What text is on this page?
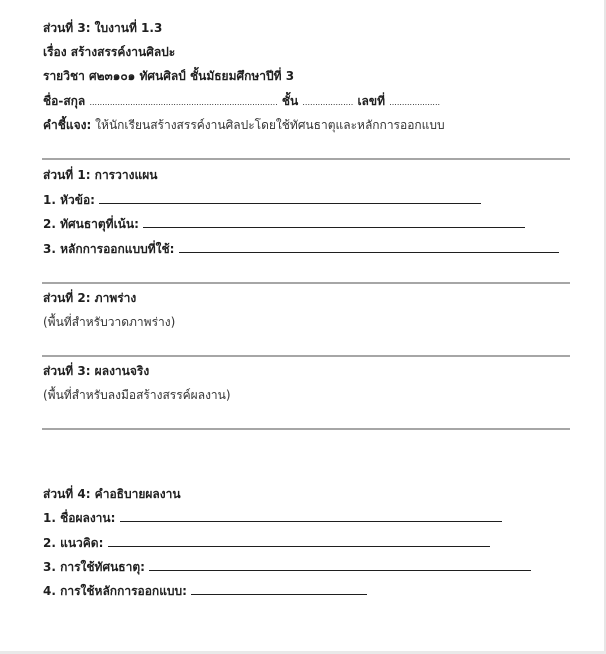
ส่วนที่ 3: ใบงานที่ 1.3
เรื่อง สร้างสรรค์งานศิลปะ
รายวิชา ศ๒๓๑๐๑ ทัศนศิลป์ ชั้นมัธยมศึกษาปีที่ 3
ชื่อ-สกุล .......................................................................... ชั้น .................... เลขที่ ....................
คำชี้แจง: ให้นักเรียนสร้างสรรค์งานศิลปะโดยใช้ทัศนธาตุและหลักการออกแบบ
ส่วนที่ 1: การวางแผน
1. หัวข้อ:
2. ทัศนธาตุที่เน้น:
3. หลักการออกแบบที่ใช้:
ส่วนที่ 2: ภาพร่าง
(พื้นที่สำหรับวาดภาพร่าง)
ส่วนที่ 3: ผลงานจริง
(พื้นที่สำหรับลงมือสร้างสรรค์ผลงาน)
ส่วนที่ 4: คำอธิบายผลงาน
1. ชื่อผลงาน:
2. แนวคิด:
3. การใช้ทัศนธาตุ:
4. การใช้หลักการออกแบบ:
